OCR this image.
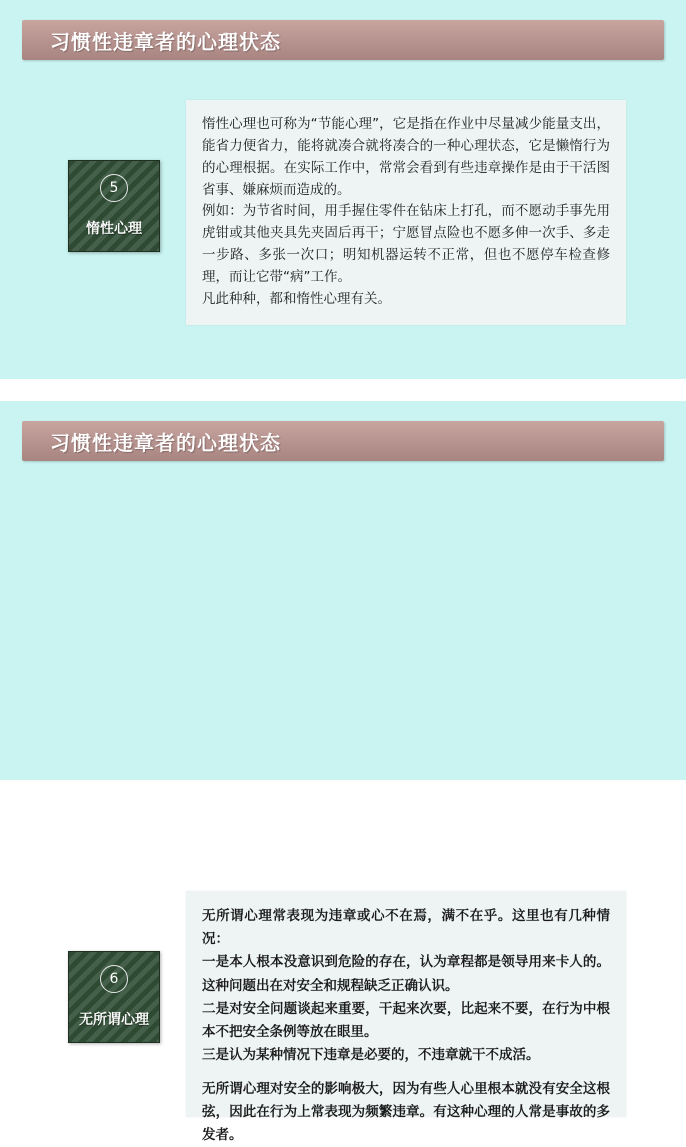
习惯性违章者的心理状态
5
惰性心理

惰性心理也可称为“节能心理”，它是指在作业中尽量减少能量支出，能省力便省力，能将就凑合就将凑合的一种心理状态，它是懒惰行为的心理根据。在实际工作中，常常会看到有些违章操作是由于干活图省事、嫌麻烦而造成的。

例如：为节省时间，用手握住零件在钻床上打孔，而不愿动手事先用虎钳或其他夹具先夹固后再干；宁愿冒点险也不愿多伸一次手、多走一步路、多张一次口；明知机器运转不正常，但也不愿停车检查修理，而让它带“病”工作。

凡此种种，都和惰性心理有关。

习惯性违章者的心理状态
6
无所谓心理

无所谓心理常表现为违章或心不在焉，满不在乎。这里也有几种情况：

一是本人根本没意识到危险的存在，认为章程都是领导用来卡人的。这种问题出在对安全和规程缺乏正确认识。

二是对安全问题谈起来重要，干起来次要，比起来不要，在行为中根本不把安全条例等放在眼里。

三是认为某种情况下违章是必要的，不违章就干不成活。

无所谓心理对安全的影响极大，因为有些人心里根本就没有安全这根弦，因此在行为上常表现为频繁违章。有这种心理的人常是事故的多发者。
